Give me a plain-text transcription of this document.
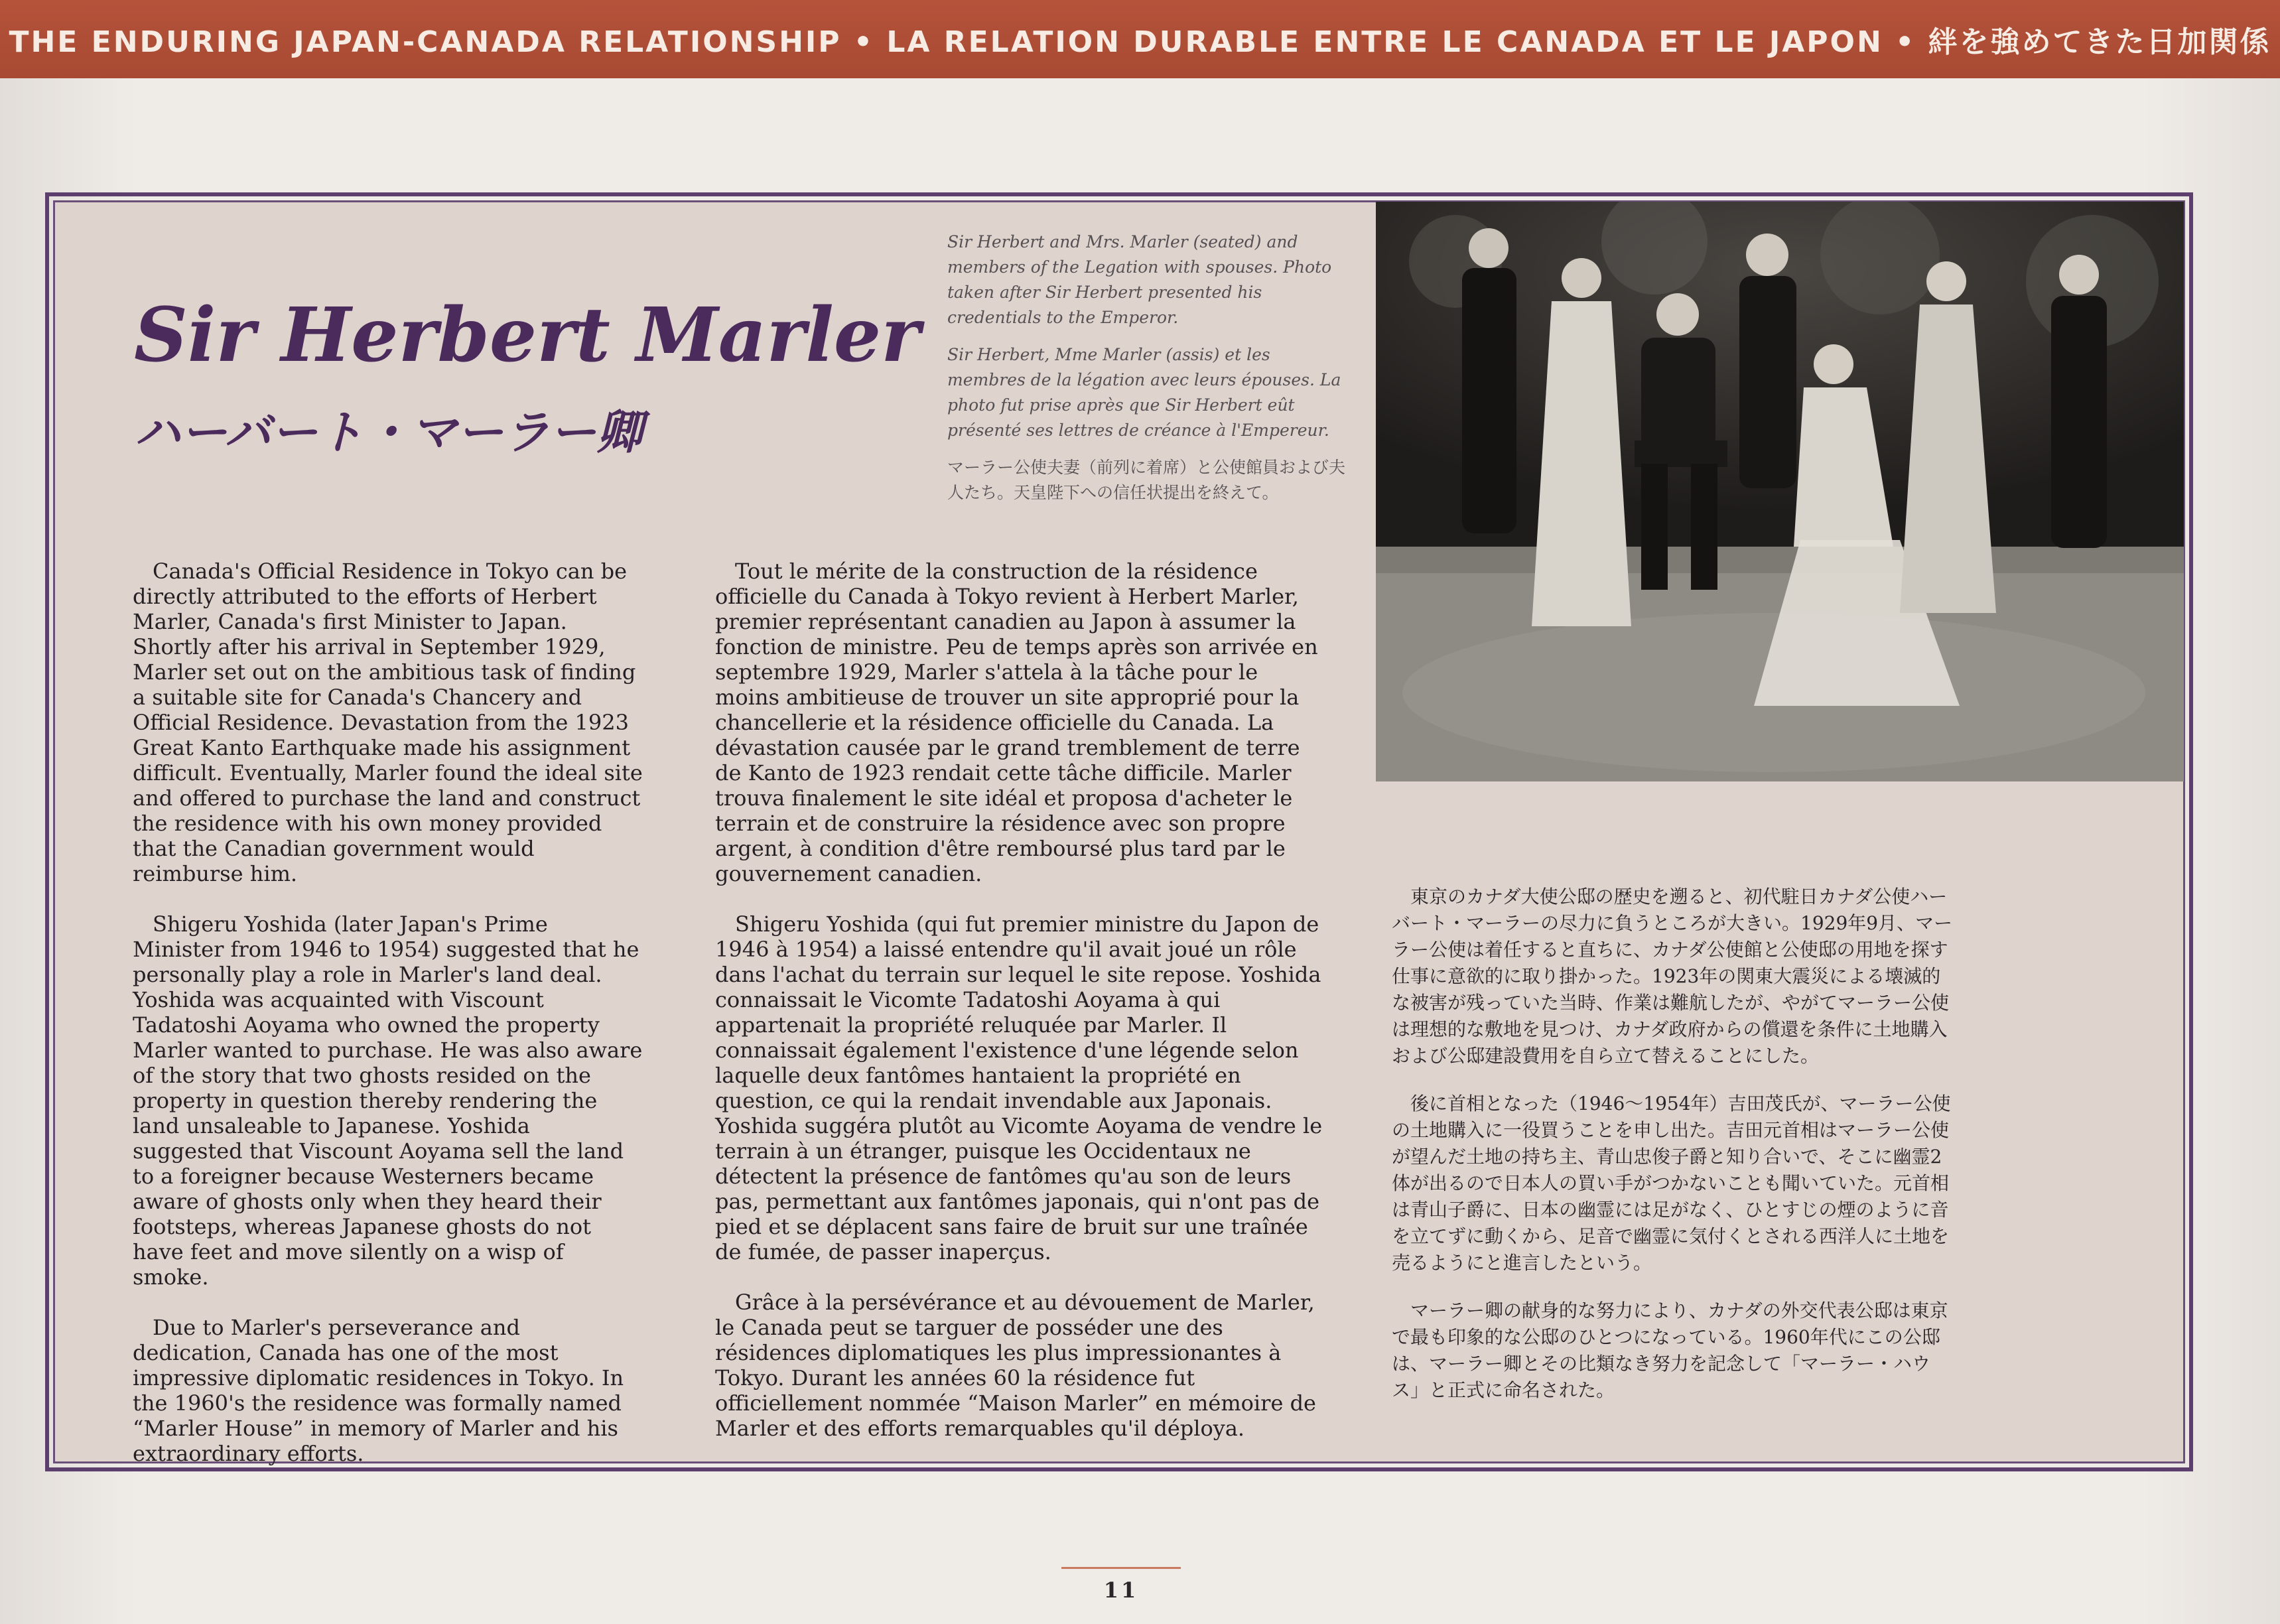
THE ENDURING JAPAN-CANADA RELATIONSHIP • LA RELATION DURABLE ENTRE LE CANADA ET LE JAPON • 絆を強めてきた日加関係
Sir Herbert Marler
ハーバート・マーラー卿

Sir Herbert and Mrs. Marler (seated) and members of the Legation with spouses. Photo taken after Sir Herbert presented his credentials to the Emperor.

Sir Herbert, Mme Marler (assis) et les membres de la légation avec leurs épouses. La photo fut prise après que Sir Herbert eût présenté ses lettres de créance à l'Empereur.

マーラー公使夫妻（前列に着席）と公使館員および夫人たち。天皇陛下への信任状提出を終えて。

Canada's Official Residence in Tokyo can be directly attributed to the efforts of Herbert Marler, Canada's first Minister to Japan. Shortly after his arrival in September 1929, Marler set out on the ambitious task of finding a suitable site for Canada's Chancery and Official Residence. Devastation from the 1923 Great Kanto Earthquake made his assignment difficult. Eventually, Marler found the ideal site and offered to purchase the land and construct the residence with his own money provided that the Canadian government would reimburse him.

Shigeru Yoshida (later Japan's Prime Minister from 1946 to 1954) suggested that he personally play a role in Marler's land deal. Yoshida was acquainted with Viscount Tadatoshi Aoyama who owned the property Marler wanted to purchase. He was also aware of the story that two ghosts resided on the property in question thereby rendering the land unsaleable to Japanese. Yoshida suggested that Viscount Aoyama sell the land to a foreigner because Westerners became aware of ghosts only when they heard their footsteps, whereas Japanese ghosts do not have feet and move silently on a wisp of smoke.

Due to Marler's perseverance and dedication, Canada has one of the most impressive diplomatic residences in Tokyo. In the 1960's the residence was formally named “Marler House” in memory of Marler and his extraordinary efforts.

Tout le mérite de la construction de la résidence officielle du Canada à Tokyo revient à Herbert Marler, premier représentant canadien au Japon à assumer la fonction de ministre. Peu de temps après son arrivée en septembre 1929, Marler s'attela à la tâche pour le moins ambitieuse de trouver un site approprié pour la chancellerie et la résidence officielle du Canada. La dévastation causée par le grand tremblement de terre de Kanto de 1923 rendait cette tâche difficile. Marler trouva finalement le site idéal et proposa d'acheter le terrain et de construire la résidence avec son propre argent, à condition d'être remboursé plus tard par le gouvernement canadien.

Shigeru Yoshida (qui fut premier ministre du Japon de 1946 à 1954) a laissé entendre qu'il avait joué un rôle dans l'achat du terrain sur lequel le site repose. Yoshida connaissait le Vicomte Tadatoshi Aoyama à qui appartenait la propriété reluquée par Marler. Il connaissait également l'existence d'une légende selon laquelle deux fantômes hantaient la propriété en question, ce qui la rendait invendable aux Japonais. Yoshida suggéra plutôt au Vicomte Aoyama de vendre le terrain à un étranger, puisque les Occidentaux ne détectent la présence de fantômes qu'au son de leurs pas, permettant aux fantômes japonais, qui n'ont pas de pied et se déplacent sans faire de bruit sur une traînée de fumée, de passer inaperçus.

Grâce à la persévérance et au dévouement de Marler, le Canada peut se targuer de posséder une des résidences diplomatiques les plus impressionantes à Tokyo. Durant les années 60 la résidence fut officiellement nommée “Maison Marler” en mémoire de Marler et des efforts remarquables qu'il déploya.

東京のカナダ大使公邸の歴史を遡ると、初代駐日カナダ公使ハーバート・マーラーの尽力に負うところが大きい。1929年9月、マーラー公使は着任すると直ちに、カナダ公使館と公使邸の用地を探す仕事に意欲的に取り掛かった。1923年の関東大震災による壊滅的な被害が残っていた当時、作業は難航したが、やがてマーラー公使は理想的な敷地を見つけ、カナダ政府からの償還を条件に土地購入および公邸建設費用を自ら立て替えることにした。

後に首相となった（1946～1954年）吉田茂氏が、マーラー公使の土地購入に一役買うことを申し出た。吉田元首相はマーラー公使が望んだ土地の持ち主、青山忠俊子爵と知り合いで、そこに幽霊2体が出るので日本人の買い手がつかないことも聞いていた。元首相は青山子爵に、日本の幽霊には足がなく、ひとすじの煙のように音を立てずに動くから、足音で幽霊に気付くとされる西洋人に土地を売るようにと進言したという。

マーラー卿の献身的な努力により、カナダの外交代表公邸は東京で最も印象的な公邸のひとつになっている。1960年代にこの公邸は、マーラー卿とその比類なき努力を記念して「マーラー・ハウス」と正式に命名された。

11
